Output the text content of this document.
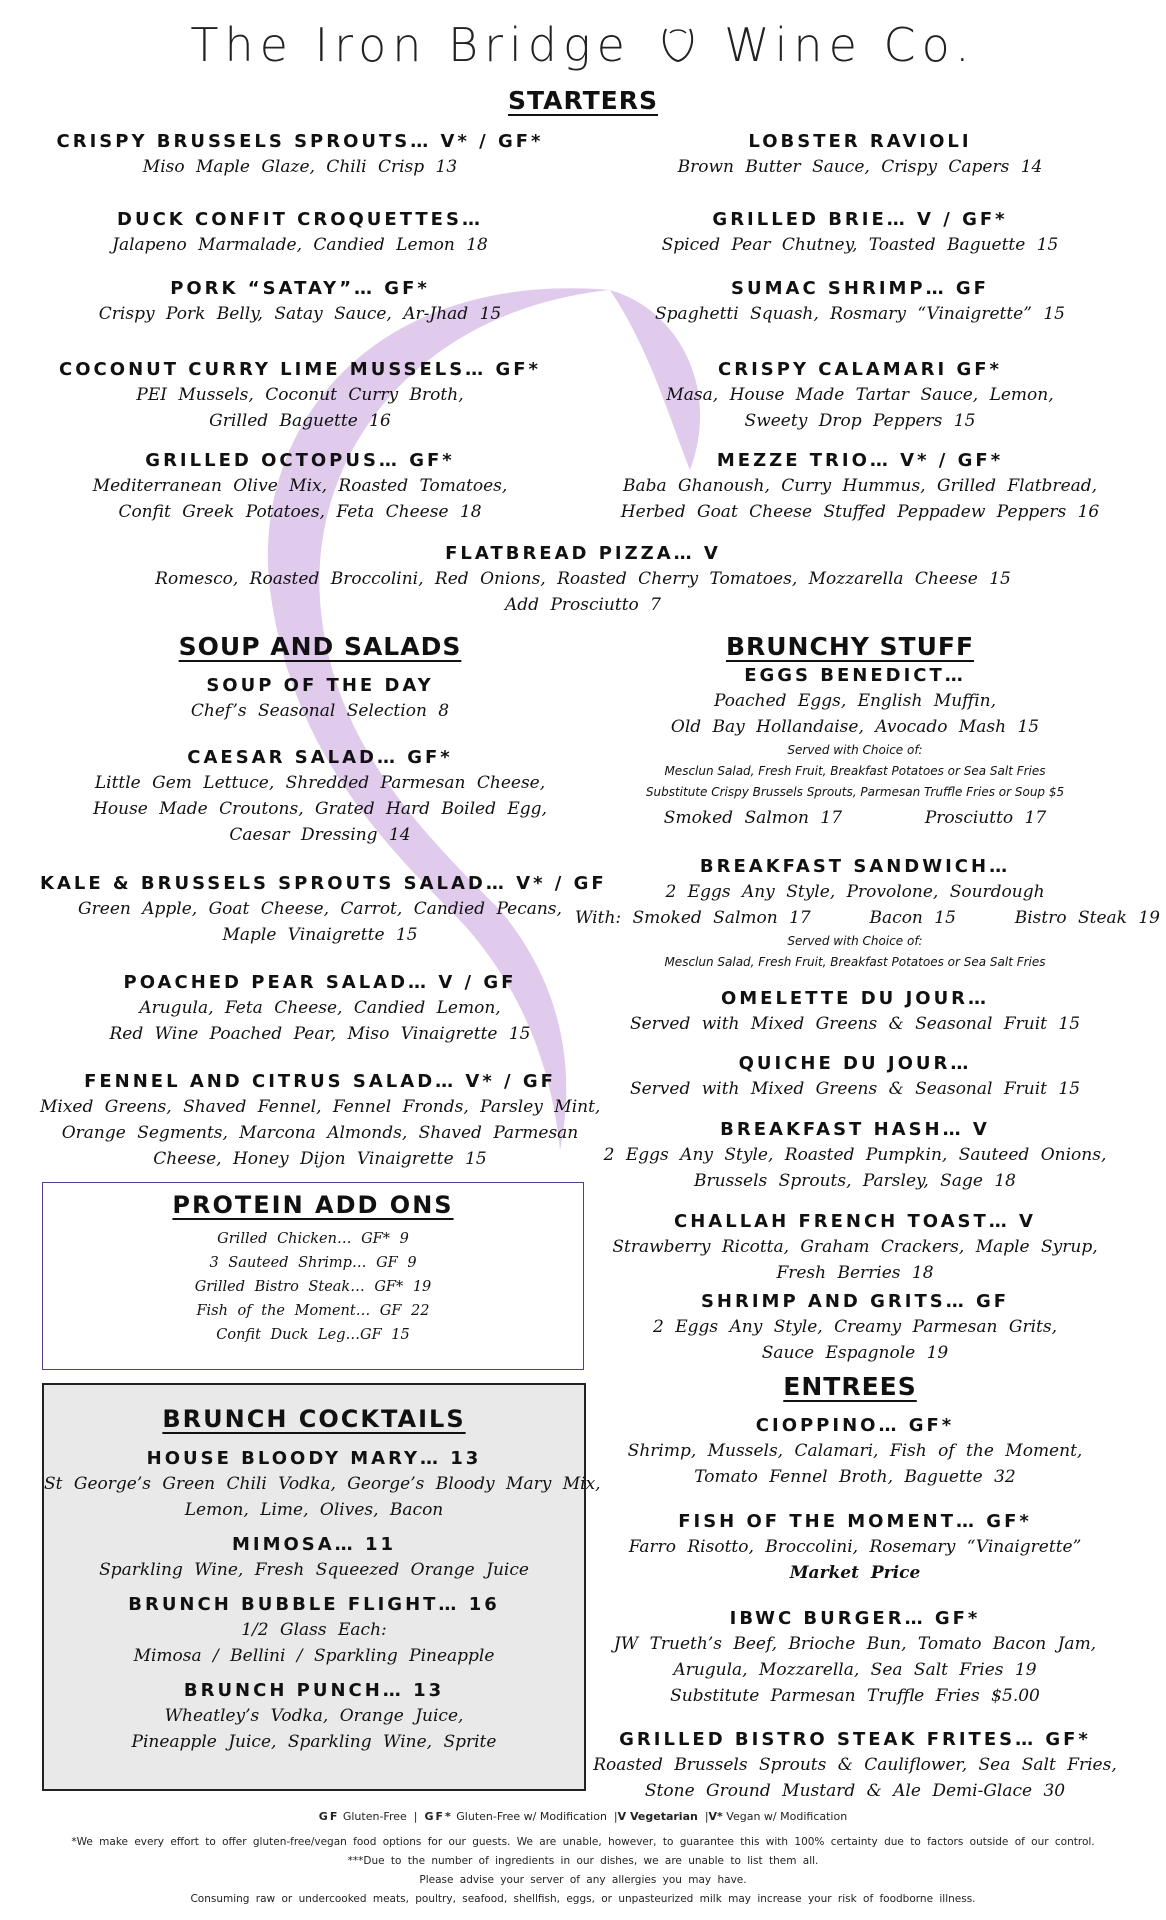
The Iron Bridge Wine Co.
STARTERS
CRISPY BRUSSELS SPROUTS… V* / GF*
Miso Maple Glaze, Chili Crisp 13
LOBSTER RAVIOLI
Brown Butter Sauce, Crispy Capers 14
DUCK CONFIT CROQUETTES…
Jalapeno Marmalade, Candied Lemon 18
GRILLED BRIE… V / GF*
Spiced Pear Chutney, Toasted Baguette 15
PORK “SATAY”… GF*
Crispy Pork Belly, Satay Sauce, Ar-Jhad 15
SUMAC SHRIMP… GF
Spaghetti Squash, Rosmary “Vinaigrette” 15
COCONUT CURRY LIME MUSSELS… GF*
PEI Mussels, Coconut Curry Broth,
Grilled Baguette 16
CRISPY CALAMARI GF*
Masa, House Made Tartar Sauce, Lemon,
Sweety Drop Peppers 15
GRILLED OCTOPUS… GF*
Mediterranean Olive Mix, Roasted Tomatoes,
Confit Greek Potatoes, Feta Cheese 18
MEZZE TRIO… V* / GF*
Baba Ghanoush, Curry Hummus, Grilled Flatbread,
Herbed Goat Cheese Stuffed Peppadew Peppers 16
FLATBREAD PIZZA… V
Romesco, Roasted Broccolini, Red Onions, Roasted Cherry Tomatoes, Mozzarella Cheese 15
Add Prosciutto 7
SOUP AND SALADS
SOUP OF THE DAY
Chef’s Seasonal Selection 8
CAESAR SALAD… GF*
Little Gem Lettuce, Shredded Parmesan Cheese,
House Made Croutons, Grated Hard Boiled Egg,
Caesar Dressing 14
KALE & BRUSSELS SPROUTS SALAD… V* / GF
Green Apple, Goat Cheese, Carrot, Candied Pecans,
Maple Vinaigrette 15
POACHED PEAR SALAD… V / GF
Arugula, Feta Cheese, Candied Lemon,
Red Wine Poached Pear, Miso Vinaigrette 15
FENNEL AND CITRUS SALAD… V* / GF
Mixed Greens, Shaved Fennel, Fennel Fronds, Parsley Mint,
Orange Segments, Marcona Almonds, Shaved Parmesan
Cheese, Honey Dijon Vinaigrette 15
PROTEIN ADD ONS
Grilled Chicken… GF* 9
3 Sauteed Shrimp… GF 9
Grilled Bistro Steak… GF* 19
Fish of the Moment… GF 22
Confit Duck Leg…GF 15
BRUNCH COCKTAILS
HOUSE BLOODY MARY… 13
St George’s Green Chili Vodka, George’s Bloody Mary Mix,
Lemon, Lime, Olives, Bacon
MIMOSA… 11
Sparkling Wine, Fresh Squeezed Orange Juice
BRUNCH BUBBLE FLIGHT… 16
1/2 Glass Each:
Mimosa / Bellini / Sparkling Pineapple
BRUNCH PUNCH… 13
Wheatley’s Vodka, Orange Juice,
Pineapple Juice, Sparkling Wine, Sprite
BRUNCHY STUFF
EGGS BENEDICT…
Poached Eggs, English Muffin,
Old Bay Hollandaise, Avocado Mash 15
Served with Choice of:
Mesclun Salad, Fresh Fruit, Breakfast Potatoes or Sea Salt Fries
Substitute Crispy Brussels Sprouts, Parmesan Truffle Fries or Soup $5
Smoked Salmon 17	Prosciutto 17
BREAKFAST SANDWICH…
2 Eggs Any Style, Provolone, Sourdough
With: Smoked Salmon 17	Bacon 15	Bistro Steak 19
Served with Choice of:
Mesclun Salad, Fresh Fruit, Breakfast Potatoes or Sea Salt Fries
OMELETTE DU JOUR…
Served with Mixed Greens & Seasonal Fruit 15
QUICHE DU JOUR…
Served with Mixed Greens & Seasonal Fruit 15
BREAKFAST HASH… V
2 Eggs Any Style, Roasted Pumpkin, Sauteed Onions,
Brussels Sprouts, Parsley, Sage 18
CHALLAH FRENCH TOAST… V
Strawberry Ricotta, Graham Crackers, Maple Syrup,
Fresh Berries 18
SHRIMP AND GRITS… GF
2 Eggs Any Style, Creamy Parmesan Grits,
Sauce Espagnole 19
ENTREES
CIOPPINO… GF*
Shrimp, Mussels, Calamari, Fish of the Moment,
Tomato Fennel Broth, Baguette 32
FISH OF THE MOMENT… GF*
Farro Risotto, Broccolini, Rosemary “Vinaigrette”
Market Price
IBWC BURGER… GF*
JW Trueth’s Beef, Brioche Bun, Tomato Bacon Jam,
Arugula, Mozzarella, Sea Salt Fries 19
Substitute Parmesan Truffle Fries $5.00
GRILLED BISTRO STEAK FRITES… GF*
Roasted Brussels Sprouts & Cauliflower, Sea Salt Fries,
Stone Ground Mustard & Ale Demi-Glace 30
GF Gluten-Free  |  GF* Gluten-Free w/ Modification  |V Vegetarian  |V* Vegan w/ Modification
*We make every effort to offer gluten-free/vegan food options for our guests. We are unable, however, to guarantee this with 100% certainty due to factors outside of our control.
***Due to the number of ingredients in our dishes, we are unable to list them all.
Please advise your server of any allergies you may have.
Consuming raw or undercooked meats, poultry, seafood, shellfish, eggs, or unpasteurized milk may increase your risk of foodborne illness.
